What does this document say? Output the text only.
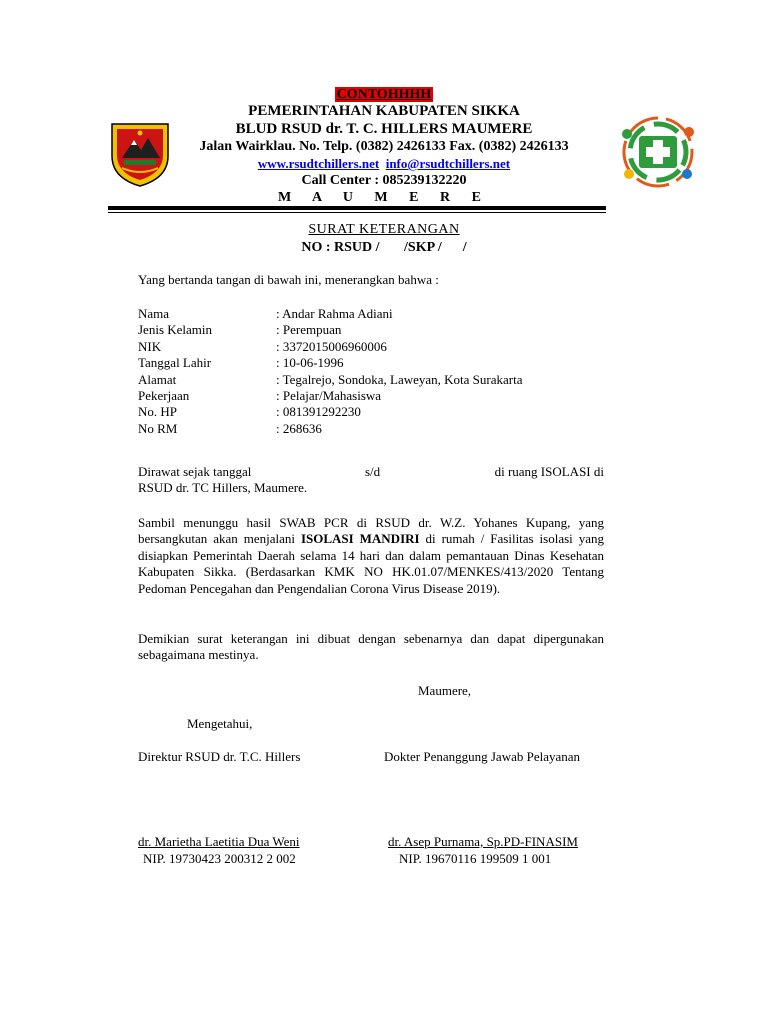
CONTOHHHH
PEMERINTAHAN KABUPATEN SIKKA
BLUD RSUD dr. T. C. HILLERS MAUMERE
Jalan Wairklau. No. Telp. (0382) 2426133 Fax. (0382) 2426133
www.rsudtchillers.net info@rsudtchillers.net
Call Center : 085239132220
M A U M E R E
SURAT KETERANGAN
NO : RSUD /       /SKP /      /
Yang bertanda tangan di bawah ini, menerangkan bahwa :
Nama	: Andar Rahma Adiani
Jenis Kelamin	: Perempuan
NIK	: 3372015006960006
Tanggal Lahir	: 10-06-1996
Alamat	: Tegalrejo, Sondoka, Laweyan, Kota Surakarta
Pekerjaan	: Pelajar/Mahasiswa
No. HP	: 081391292230
No RM	: 268636
Dirawat sejak tanggal	s/d	di ruang ISOLASI di
RSUD dr. TC Hillers, Maumere.
Sambil menunggu hasil SWAB PCR di RSUD dr. W.Z. Yohanes Kupang, yang bersangkutan akan menjalani ISOLASI MANDIRI di rumah / Fasilitas isolasi yang disiapkan Pemerintah Daerah selama 14 hari dan dalam pemantauan Dinas Kesehatan Kabupaten Sikka. (Berdasarkan KMK NO HK.01.07/MENKES/413/2020 Tentang Pedoman Pencegahan dan Pengendalian Corona Virus Disease 2019).
Demikian surat keterangan ini dibuat dengan sebenarnya dan dapat dipergunakan sebagaimana mestinya.
Maumere,
Mengetahui,
Direktur RSUD dr. T.C. Hillers	Dokter Penanggung Jawab Pelayanan
dr. Marietha Laetitia Dua Weni	dr. Asep Purnama, Sp.PD-FINASIM
NIP. 19730423 200312 2 002	NIP. 19670116 199509 1 001
